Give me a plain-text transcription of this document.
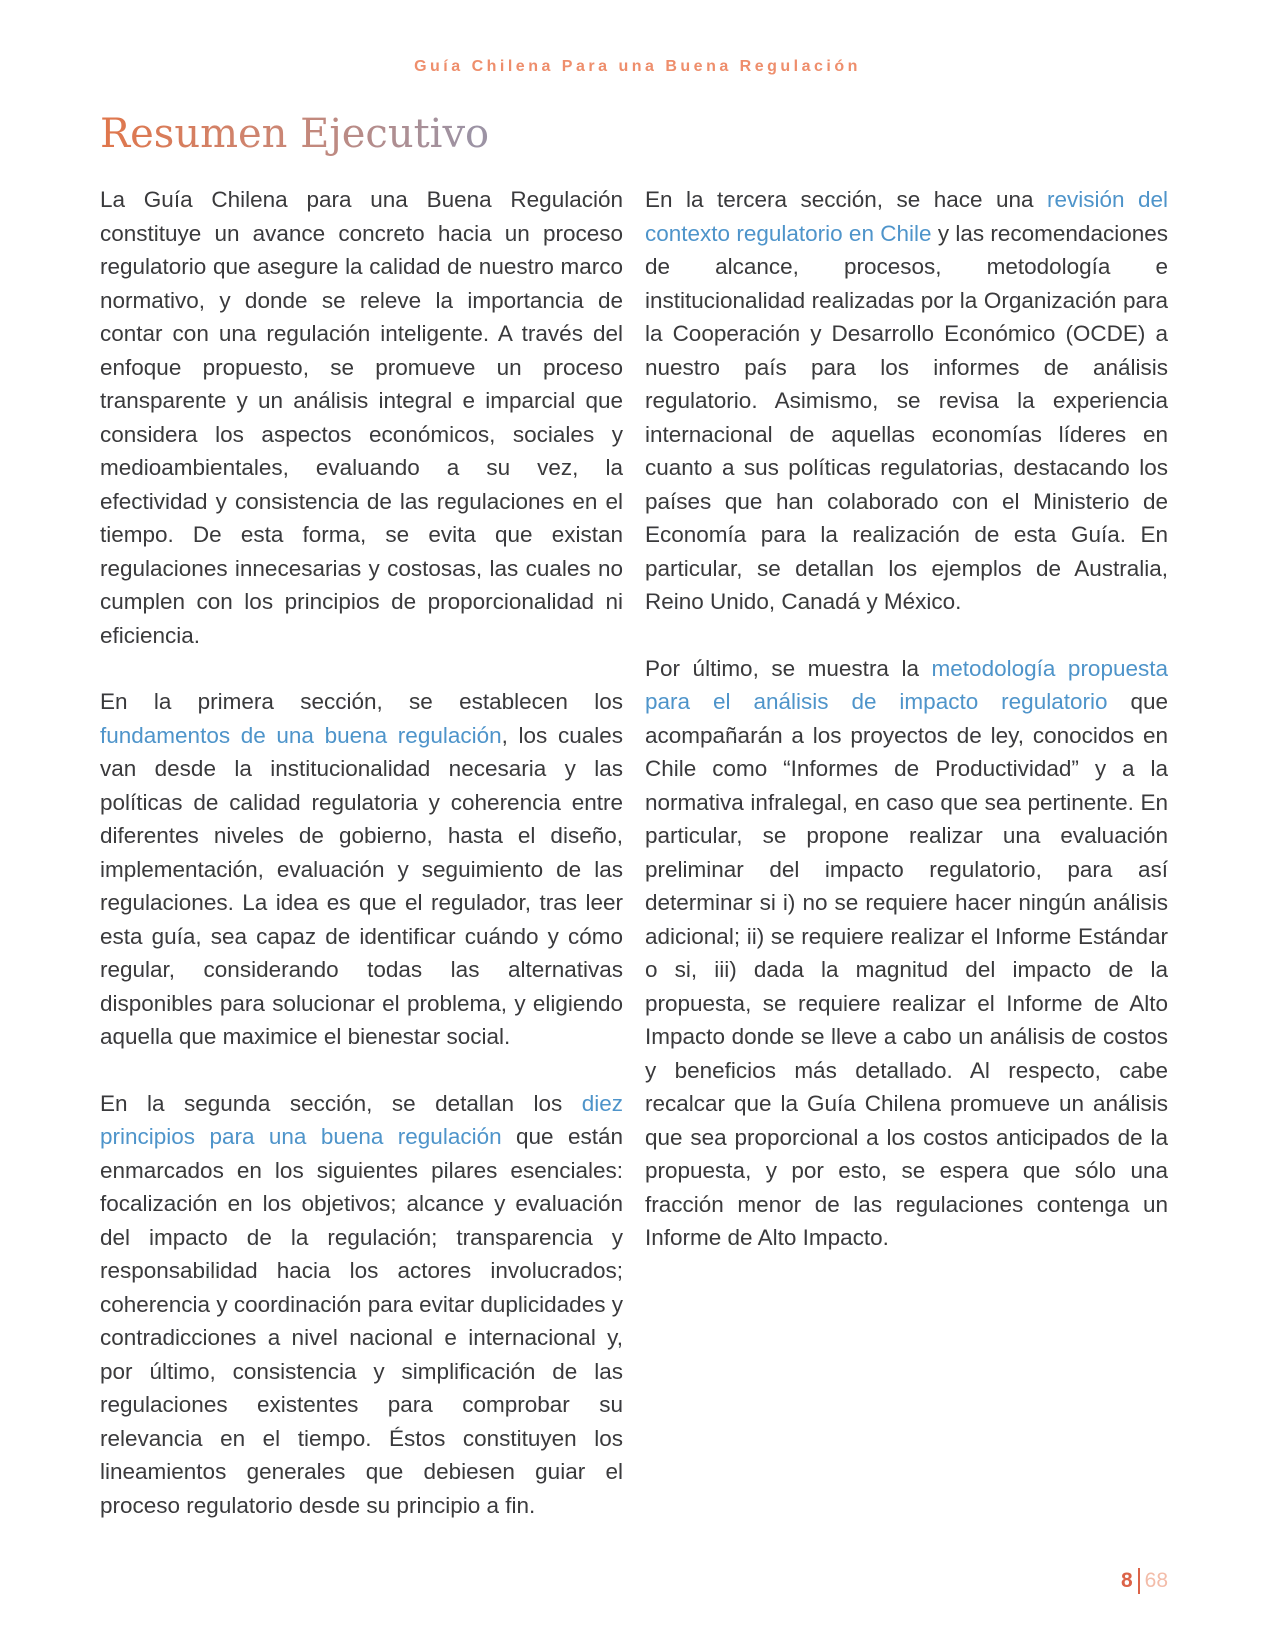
Guía Chilena Para una Buena Regulación
Resumen Ejecutivo

La Guía Chilena para una Buena Regulación constituye un avance concreto hacia un proceso regulatorio que asegure la calidad de nuestro marco normativo, y donde se releve la importancia de contar con una regulación inteligente. A través del enfoque propuesto, se promueve un proceso transparente y un análisis integral e imparcial que considera los aspectos económicos, sociales y medioambientales, evaluando a su vez, la efectividad y consistencia de las regulaciones en el tiempo. De esta forma, se evita que existan regulaciones innecesarias y costosas, las cuales no cumplen con los principios de proporcionalidad ni eficiencia.

En la primera sección, se establecen los fundamentos de una buena regulación, los cuales van desde la institucionalidad necesaria y las políticas de calidad regulatoria y coherencia entre diferentes niveles de gobierno, hasta el diseño, implementación, evaluación y seguimiento de las regulaciones. La idea es que el regulador, tras leer esta guía, sea capaz de identificar cuándo y cómo regular, considerando todas las alternativas disponibles para solucionar el problema, y eligiendo aquella que maximice el bienestar social.

En la segunda sección, se detallan los diez principios para una buena regulación que están enmarcados en los siguientes pilares esenciales: focalización en los objetivos; alcance y evaluación del impacto de la regulación; transparencia y responsabilidad hacia los actores involucrados; coherencia y coordinación para evitar duplicidades y contradicciones a nivel nacional e internacional y, por último, consistencia y simplificación de las regulaciones existentes para comprobar su relevancia en el tiempo. Éstos constituyen los lineamientos generales que debiesen guiar el proceso regulatorio desde su principio a fin.

En la tercera sección, se hace una revisión del contexto regulatorio en Chile y las recomendaciones de alcance, procesos, metodología e institucionalidad realizadas por la Organización para la Cooperación y Desarrollo Económico (OCDE) a nuestro país para los informes de análisis regulatorio. Asimismo, se revisa la experiencia internacional de aquellas economías líderes en cuanto a sus políticas regulatorias, destacando los países que han colaborado con el Ministerio de Economía para la realización de esta Guía. En particular, se detallan los ejemplos de Australia, Reino Unido, Canadá y México.

Por último, se muestra la metodología propuesta para el análisis de impacto regulatorio que acompañarán a los proyectos de ley, conocidos en Chile como “Informes de Productividad” y a la normativa infralegal, en caso que sea pertinente. En particular, se propone realizar una evaluación preliminar del impacto regulatorio, para así determinar si i) no se requiere hacer ningún análisis adicional; ii) se requiere realizar el Informe Estándar o si, iii) dada la magnitud del impacto de la propuesta, se requiere realizar el Informe de Alto Impacto donde se lleve a cabo un análisis de costos y beneficios más detallado. Al respecto, cabe recalcar que la Guía Chilena promueve un análisis que sea proporcional a los costos anticipados de la propuesta, y por esto, se espera que sólo una fracción menor de las regulaciones contenga un Informe de Alto Impacto.

8 68
